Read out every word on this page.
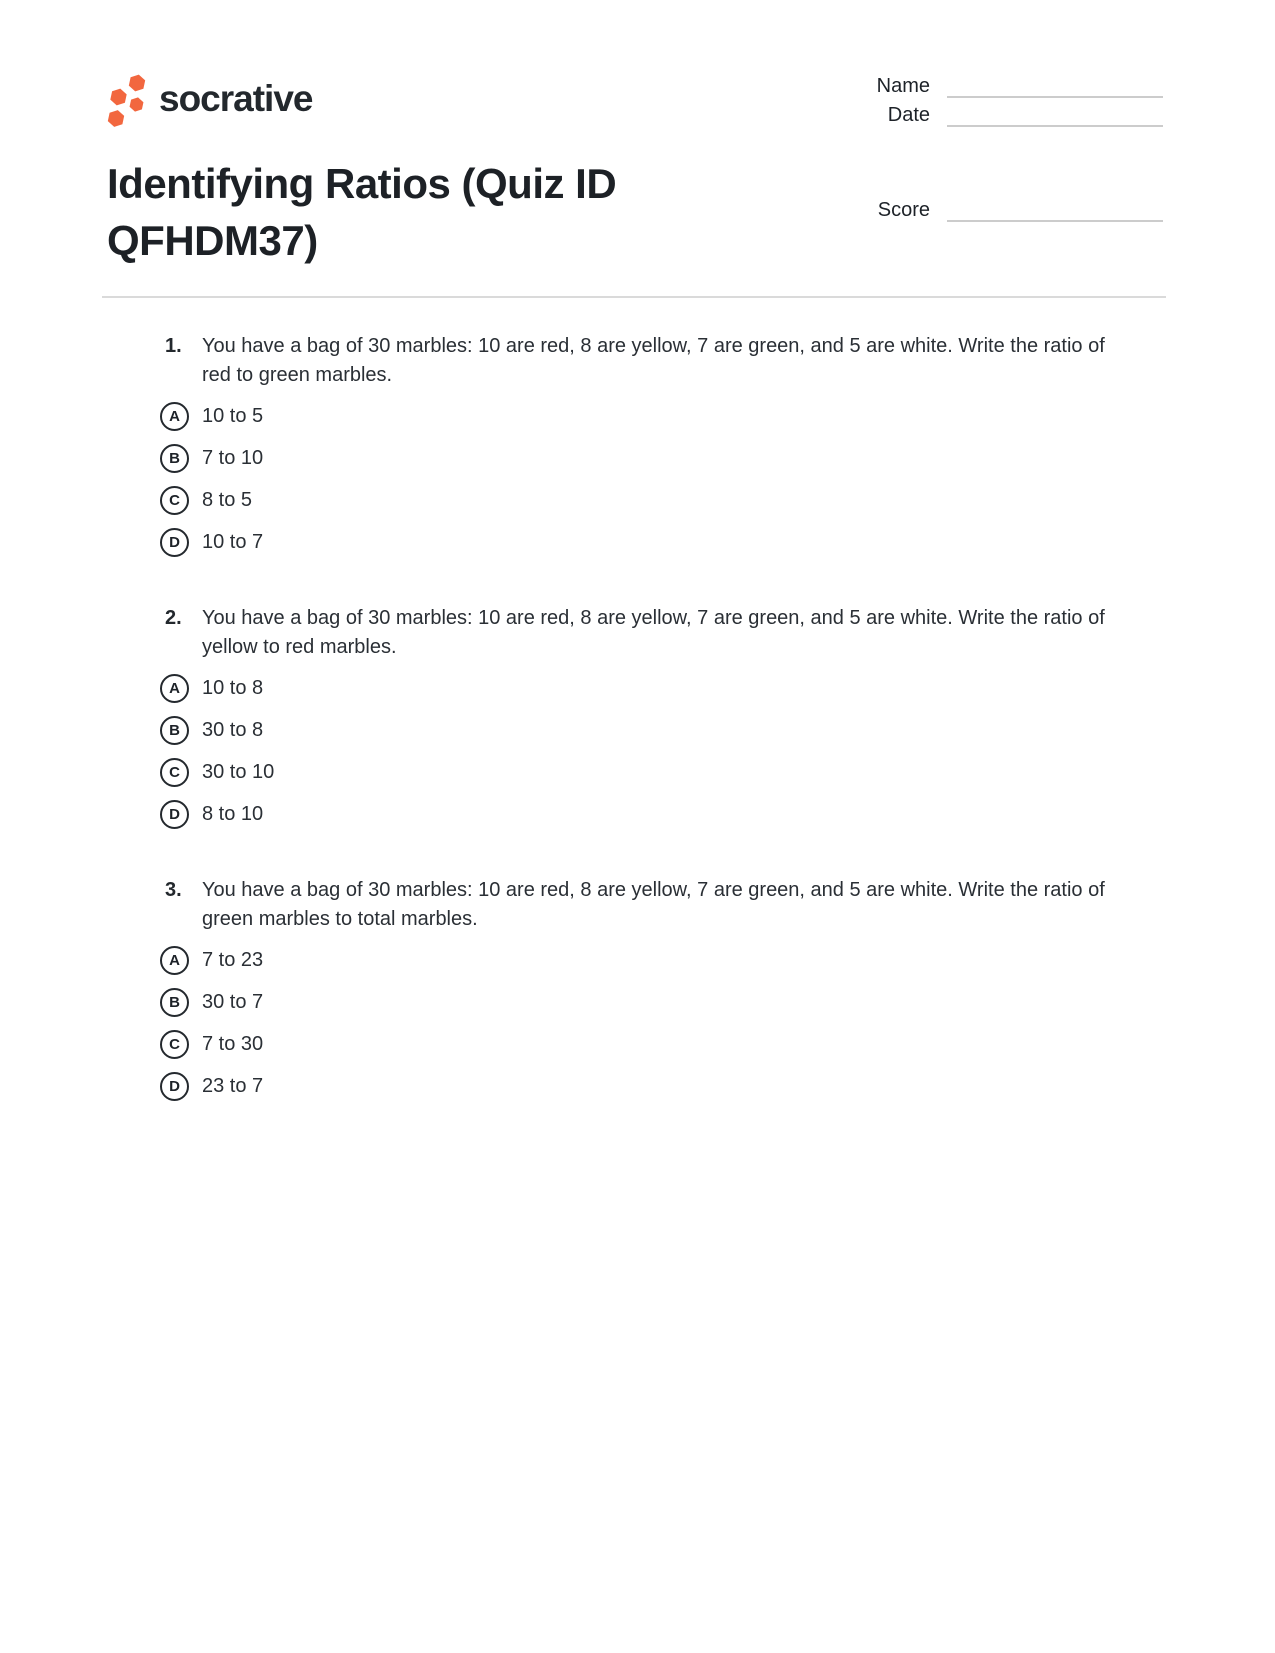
socrative	Name
Date
Score
Identifying Ratios (Quiz ID QFHDM37)
1.	You have a bag of 30 marbles: 10 are red, 8 are yellow, 7 are green, and 5 are white. Write the ratio of red to green marbles.
A 10 to 5
B 7 to 10
C 8 to 5
D 10 to 7
2.	You have a bag of 30 marbles: 10 are red, 8 are yellow, 7 are green, and 5 are white. Write the ratio of yellow to red marbles.
A 10 to 8
B 30 to 8
C 30 to 10
D 8 to 10
3.	You have a bag of 30 marbles: 10 are red, 8 are yellow, 7 are green, and 5 are white. Write the ratio of green marbles to total marbles.
A 7 to 23
B 30 to 7
C 7 to 30
D 23 to 7
